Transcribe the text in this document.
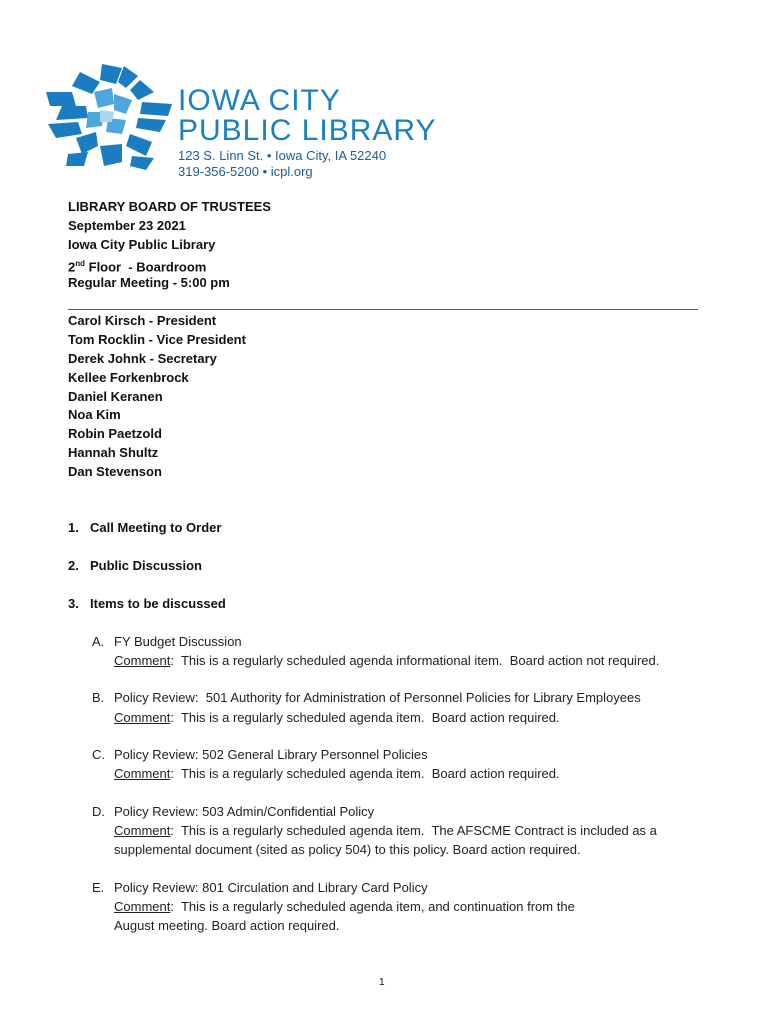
IOWA CITY
PUBLIC LIBRARY
123 S. Linn St. • Iowa City, IA 52240
319-356-5200 • icpl.org
LIBRARY BOARD OF TRUSTEES
September 23 2021
Iowa City Public Library
2nd Floor  - Boardroom
Regular Meeting - 5:00 pm
Carol Kirsch - President
Tom Rocklin - Vice President
Derek Johnk - Secretary
Kellee Forkenbrock
Daniel Keranen
Noa Kim
Robin Paetzold
Hannah Shultz
Dan Stevenson
1. Call Meeting to Order
2. Public Discussion
3. Items to be discussed
A. FY Budget Discussion
Comment:  This is a regularly scheduled agenda informational item.  Board action not required.
B. Policy Review:  501 Authority for Administration of Personnel Policies for Library Employees
Comment:  This is a regularly scheduled agenda item.  Board action required.
C. Policy Review: 502 General Library Personnel Policies
Comment:  This is a regularly scheduled agenda item.  Board action required.
D. Policy Review: 503 Admin/Confidential Policy
Comment:  This is a regularly scheduled agenda item.  The AFSCME Contract is included as a
supplemental document (sited as policy 504) to this policy. Board action required.
E. Policy Review: 801 Circulation and Library Card Policy
Comment:  This is a regularly scheduled agenda item, and continuation from the
August meeting. Board action required.
1
